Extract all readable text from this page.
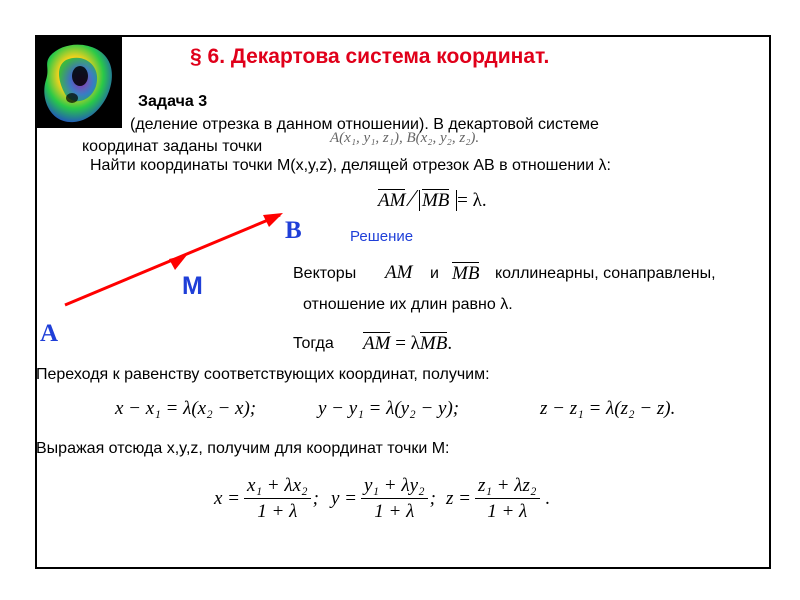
§ 6. Декартова система координат.
Задача 3
(деление отрезка в данном отношении). В декартовой системе
координат заданы точки	A(x₁, y₁, z₁), B(x₂, y₂, z₂).
Найти координаты точки M(x,y,z), делящей отрезок AB в отношении λ:
AM ⁄ MB = λ.
A
B
M
Решение
Векторы AM и MB коллинеарны, сонаправлены,
отношение их длин равно λ.
Тогда AM = λMB.
Переходя к равенству соответствующих координат, получим:
x − x₁ = λ(x₂ − x);	y − y₁ = λ(y₂ − y);	z − z₁ = λ(z₂ − z).
Выражая отсюда x,y,z, получим для координат точки M:
$x = \frac{\text{x₁ + λx₂}}{1 + \lambda}$ ; $y = \frac{\text{y₁ + λy₂}}{1 + \lambda}$ ; $z = \frac{\text{z₁ + λz₂}}{1 + \lambda}$ .
